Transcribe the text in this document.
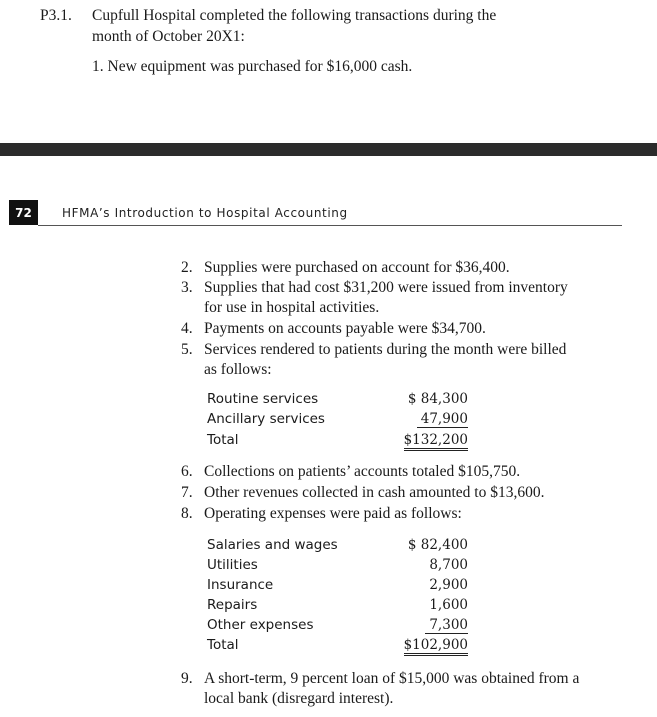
P3.1. Cupfull Hospital completed the following transactions during the
month of October 20X1:
1. New equipment was purchased for $16,000 cash.
72	HFMA’s Introduction to Hospital Accounting
2. Supplies were purchased on account for $36,400.
3. Supplies that had cost $31,200 were issued from inventory
for use in hospital activities.
4. Payments on accounts payable were $34,700.
5. Services rendered to patients during the month were billed
as follows:
Routine services	$ 84,300
Ancillary services	47,900
Total	$132,200
6. Collections on patients’ accounts totaled $105,750.
7. Other revenues collected in cash amounted to $13,600.
8. Operating expenses were paid as follows:
Salaries and wages	$ 82,400
Utilities	8,700
Insurance	2,900
Repairs	1,600
Other expenses	7,300
Total	$102,900
9. A short-term, 9 percent loan of $15,000 was obtained from a
local bank (disregard interest).
